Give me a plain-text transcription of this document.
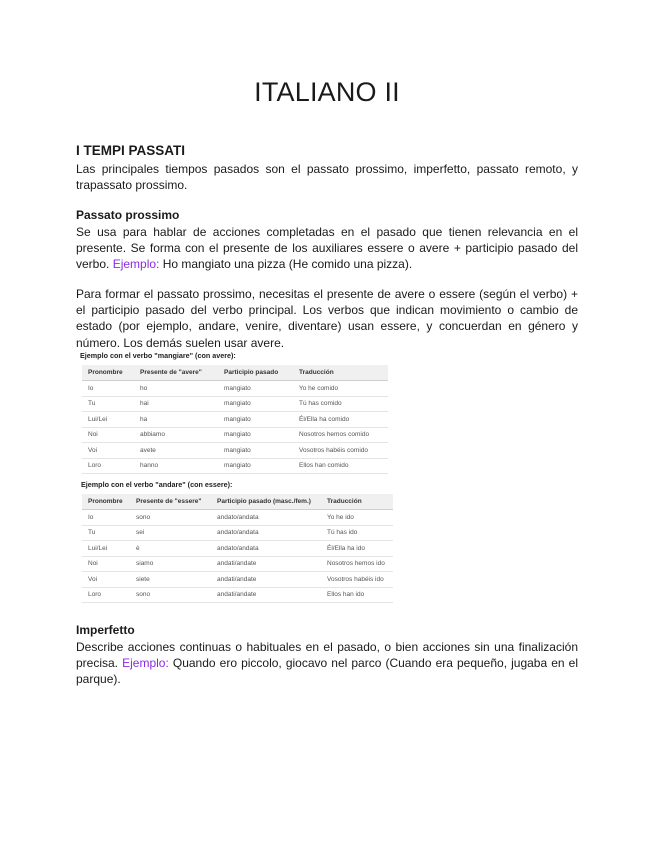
ITALIANO II
I TEMPI PASSATI

Las principales tiempos pasados son el passato prossimo, imperfetto, passato remoto, y trapassato prossimo.

Passato prossimo

Se usa para hablar de acciones completadas en el pasado que tienen relevancia en el presente. Se forma con el presente de los auxiliares essere o avere + participio pasado del verbo. Ejemplo: Ho mangiato una pizza (He comido una pizza).

Para formar el passato prossimo, necesitas el presente de avere o essere (según el verbo) + el participio pasado del verbo principal. Los verbos que indican movimiento o cambio de estado (por ejemplo, andare, venire, diventare) usan essere, y concuerdan en género y número. Los demás suelen usar avere.

Imperfetto

Describe acciones continuas o habituales en el pasado, o bien acciones sin una finalización precisa. Ejemplo: Quando ero piccolo, giocavo nel parco (Cuando era pequeño, jugaba en el parque).

Ejemplo con el verbo "mangiare" (con avere):
Pronombre	Presente de "avere"	Participio pasado	Traducción
Io	ho	mangiato	Yo he comido
Tu	hai	mangiato	Tú has comido
Lui/Lei	ha	mangiato	Él/Ella ha comido
Noi	abbiamo	mangiato	Nosotros hemos comido
Voi	avete	mangiato	Vosotros habéis comido
Loro	hanno	mangiato	Ellos han comido
Ejemplo con el verbo "andare" (con essere):
Pronombre	Presente de "essere"	Participio pasado (masc./fem.)	Traducción
Io	sono	andato/andata	Yo he ido
Tu	sei	andato/andata	Tú has ido
Lui/Lei	è	andato/andata	Él/Ella ha ido
Noi	siamo	andati/andate	Nosotros hemos ido
Voi	siete	andati/andate	Vosotros habéis ido
Loro	sono	andati/andate	Ellos han ido
